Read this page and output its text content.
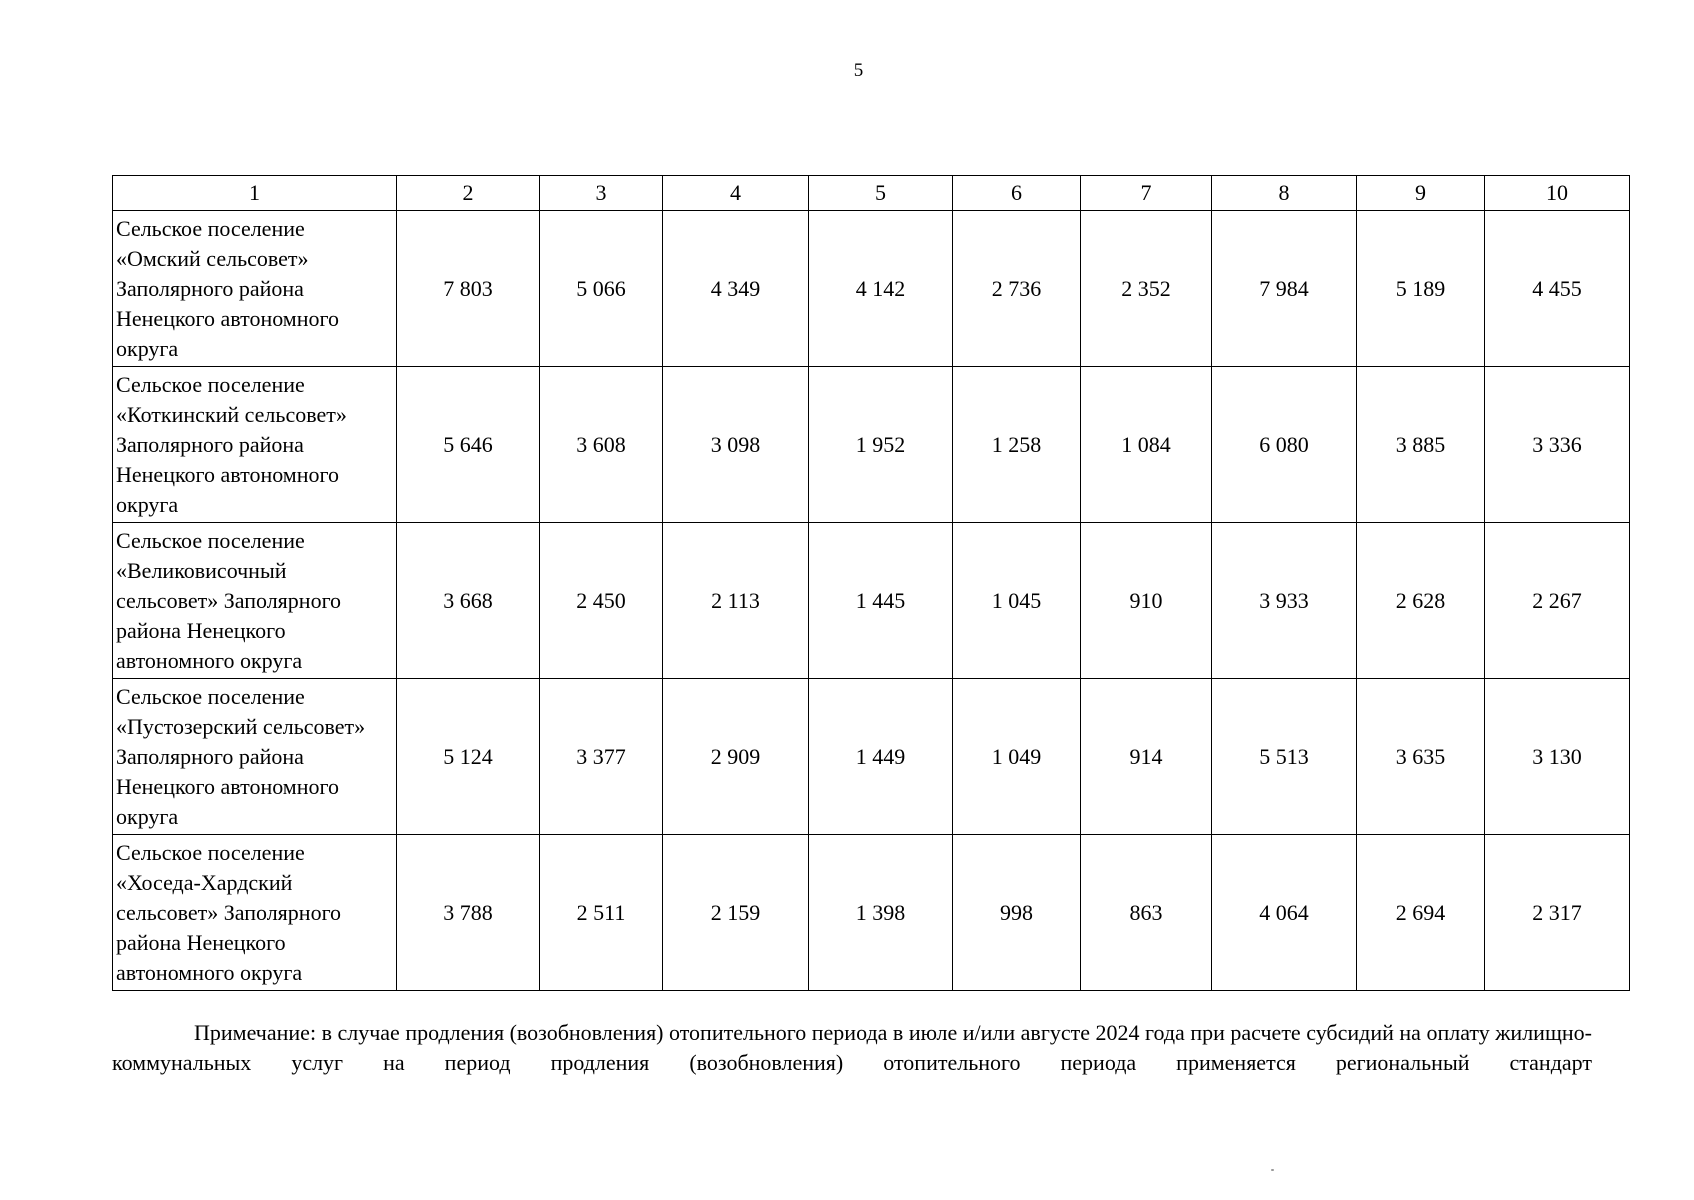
5
1	2	3	4	5	6	7	8	9	10

Сельское поселение
«Омский сельсовет»
Заполярного района
Ненецкого автономного
округа	7 803	5 066	4 349	4 142	2 736	2 352	7 984	5 189	4 455

Сельское поселение
«Коткинский сельсовет»
Заполярного района
Ненецкого автономного
округа	5 646	3 608	3 098	1 952	1 258	1 084	6 080	3 885	3 336

Сельское поселение
«Великовисочный
сельсовет» Заполярного
района Ненецкого
автономного округа	3 668	2 450	2 113	1 445	1 045	910	3 933	2 628	2 267

Сельское поселение
«Пустозерский сельсовет»
Заполярного района
Ненецкого автономного
округа	5 124	3 377	2 909	1 449	1 049	914	5 513	3 635	3 130

Сельское поселение
«Хоседа-Хардский
сельсовет» Заполярного
района Ненецкого
автономного округа	3 788	2 511	2 159	1 398	998	863	4 064	2 694	2 317
Примечание: в случае продления (возобновления) отопительного периода в июле и/или августе 2024 года при расчете субсидий на оплату жилищно-коммунальных услуг на период продления (возобновления) отопительного периода применяется региональный стандарт
